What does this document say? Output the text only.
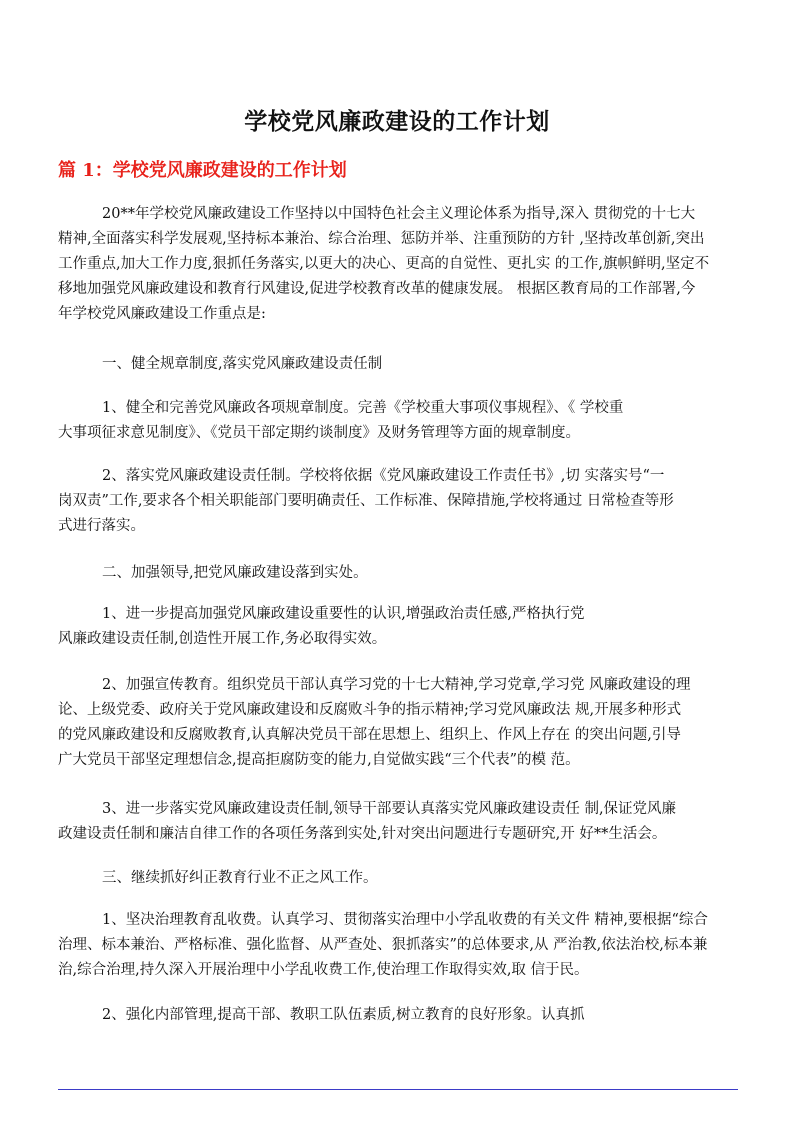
学校党风廉政建设的工作计划
篇 1：学校党风廉政建设的工作计划

20**年学校党风廉政建设工作坚持以中国特色社会主义理论体系为指导,深入 贯彻党的十七大
精神,全面落实科学发展观,坚持标本兼治、综合治理、惩防并举、注重预防的方针 ,坚持改革创新,突出
工作重点,加大工作力度,狠抓任务落实,以更大的决心、更高的自觉性、更扎实 的工作,旗帜鲜明,坚定不
移地加强党风廉政建设和教育行风建设,促进学校教育改革的健康发展。 根据区教育局的工作部署,今
年学校党风廉政建设工作重点是:

一、健全规章制度,落实党风廉政建设责任制

1、健全和完善党风廉政各项规章制度。完善《学校重大事项仪事规程》、《 学校重
大事项征求意见制度》、《党员干部定期约谈制度》及财务管理等方面的规章制度。

2、落实党风廉政建设责任制。学校将依据《党风廉政建设工作责任书》,切 实落实号“一
岗双责”工作,要求各个相关职能部门要明确责任、工作标准、保障措施,学校将通过 日常检查等形
式进行落实。

二、加强领导,把党风廉政建设落到实处。

1、进一步提高加强党风廉政建设重要性的认识,增强政治责任感,严格执行党
风廉政建设责任制,创造性开展工作,务必取得实效。

2、加强宣传教育。组织党员干部认真学习党的十七大精神,学习党章,学习党 风廉政建设的理
论、上级党委、政府关于党风廉政建设和反腐败斗争的指示精神;学习党风廉政法 规,开展多种形式
的党风廉政建设和反腐败教育,认真解决党员干部在思想上、组织上、作风上存在 的突出问题,引导
广大党员干部坚定理想信念,提高拒腐防变的能力,自觉做实践“三个代表”的模 范。

3、进一步落实党风廉政建设责任制,领导干部要认真落实党风廉政建设责任 制,保证党风廉
政建设责任制和廉洁自律工作的各项任务落到实处,针对突出问题进行专题研究,开 好**生活会。

三、继续抓好纠正教育行业不正之风工作。

1、坚决治理教育乱收费。认真学习、贯彻落实治理中小学乱收费的有关文件 精神,要根据“综合
治理、标本兼治、严格标准、强化监督、从严查处、狠抓落实”的总体要求,从 严治教,依法治校,标本兼
治,综合治理,持久深入开展治理中小学乱收费工作,使治理工作取得实效,取 信于民。

2、强化内部管理,提高干部、教职工队伍素质,树立教育的良好形象。认真抓
